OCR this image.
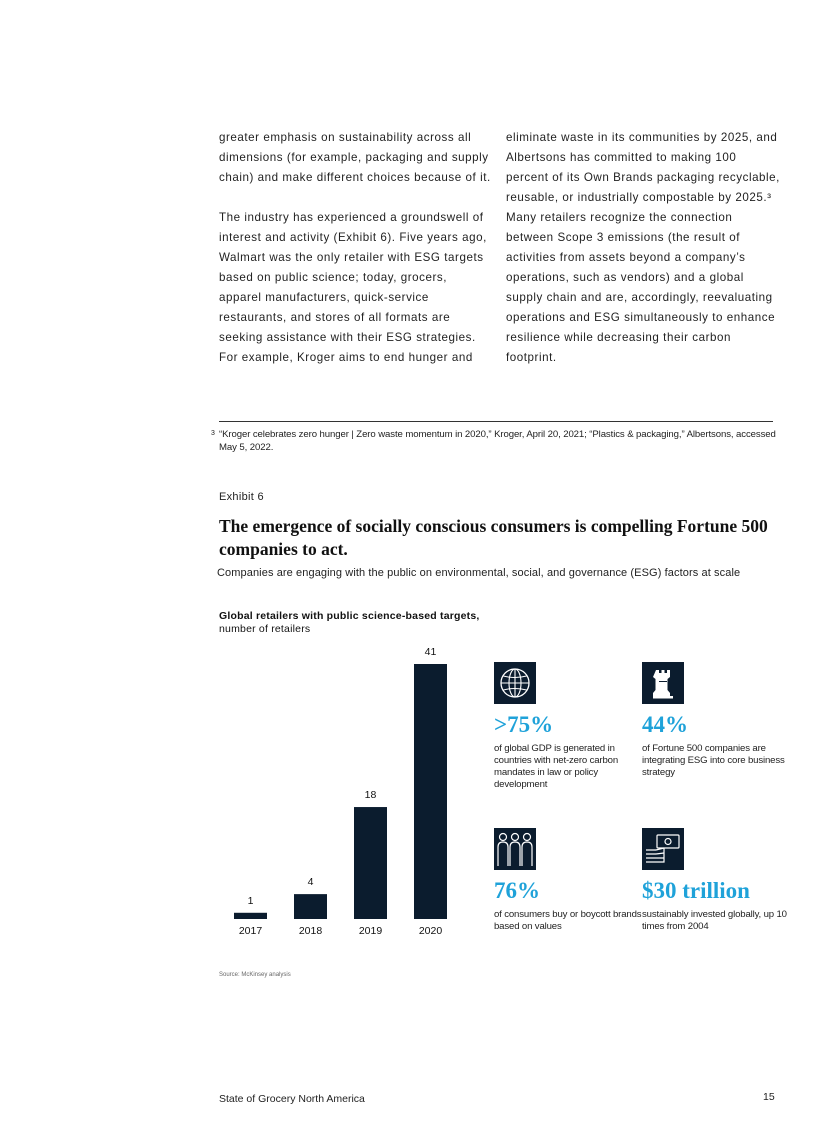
greater emphasis on sustainability across all dimensions (for example, packaging and supply chain) and make different choices because of it.

The industry has experienced a groundswell of interest and activity (Exhibit 6). Five years ago, Walmart was the only retailer with ESG targets based on public science; today, grocers, apparel manufacturers, quick-service restaurants, and stores of all formats are seeking assistance with their ESG strategies. For example, Kroger aims to end hunger and

eliminate waste in its communities by 2025, and Albertsons has committed to making 100 percent of its Own Brands packaging recyclable, reusable, or industrially compostable by 2025.³ Many retailers recognize the connection between Scope 3 emissions (the result of activities from assets beyond a company’s operations, such as vendors) and a global supply chain and are, accordingly, reevaluating operations and ESG simultaneously to enhance resilience while decreasing their carbon footprint.

3 “Kroger celebrates zero hunger | Zero waste momentum in 2020,” Kroger, April 20, 2021; “Plastics & packaging,” Albertsons, accessed May 5, 2022.
Exhibit 6
The emergence of socially conscious consumers is compelling Fortune 500 companies to act.
Companies are engaging with the public on environmental, social, and governance (ESG) factors at scale
Global retailers with public science-based targets, number of retailers
1
2017
4
2018
18
2019
41
2020
>75%
of global GDP is generated in countries with net-zero carbon mandates in law or policy development
44%
of Fortune 500 companies are integrating ESG into core business strategy
76%
of consumers buy or boycott brands based on values
$30 trillion
sustainably invested globally, up 10 times from 2004
Source: McKinsey analysis
State of Grocery North America	15
